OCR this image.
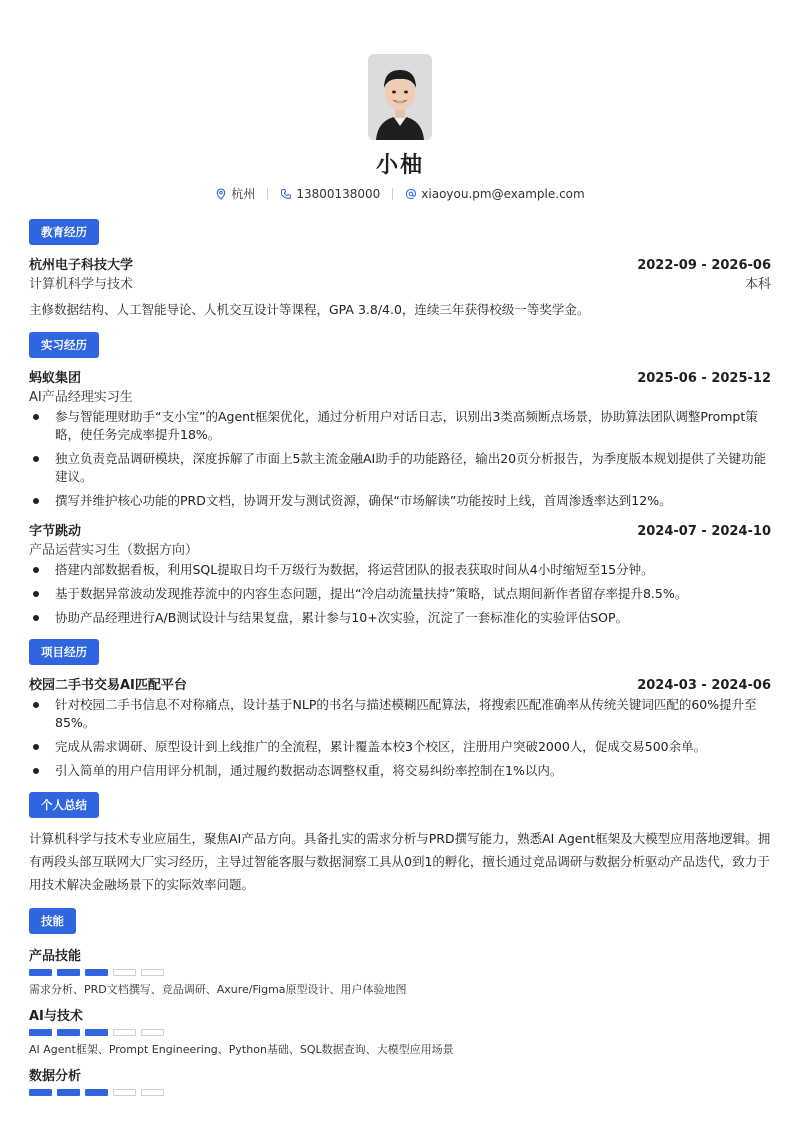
小柚
杭州	13800138000	xiaoyou.pm@example.com
教育经历
杭州电子科技大学	2022-09 - 2026-06
计算机科学与技术	本科
主修数据结构、人工智能导论、人机交互设计等课程，GPA 3.8/4.0，连续三年获得校级一等奖学金。
实习经历
蚂蚁集团	2025-06 - 2025-12
AI产品经理实习生
参与智能理财助手“支小宝”的Agent框架优化，通过分析用户对话日志，识别出3类高频断点场景，协助算法团队调整Prompt策略，使任务完成率提升18%。
独立负责竞品调研模块，深度拆解了市面上5款主流金融AI助手的功能路径，输出20页分析报告，为季度版本规划提供了关键功能建议。
撰写并维护核心功能的PRD文档，协调开发与测试资源，确保“市场解读”功能按时上线，首周渗透率达到12%。
字节跳动	2024-07 - 2024-10
产品运营实习生（数据方向）
搭建内部数据看板，利用SQL提取日均千万级行为数据，将运营团队的报表获取时间从4小时缩短至15分钟。
基于数据异常波动发现推荐流中的内容生态问题，提出“冷启动流量扶持”策略，试点期间新作者留存率提升8.5%。
协助产品经理进行A/B测试设计与结果复盘，累计参与10+次实验，沉淀了一套标准化的实验评估SOP。
项目经历
校园二手书交易AI匹配平台	2024-03 - 2024-06
针对校园二手书信息不对称痛点，设计基于NLP的书名与描述模糊匹配算法，将搜索匹配准确率从传统关键词匹配的60%提升至85%。
完成从需求调研、原型设计到上线推广的全流程，累计覆盖本校3个校区，注册用户突破2000人，促成交易500余单。
引入简单的用户信用评分机制，通过履约数据动态调整权重，将交易纠纷率控制在1%以内。
个人总结
计算机科学与技术专业应届生，聚焦AI产品方向。具备扎实的需求分析与PRD撰写能力，熟悉AI Agent框架及大模型应用落地逻辑。拥有两段头部互联网大厂实习经历，主导过智能客服与数据洞察工具从0到1的孵化，擅长通过竞品调研与数据分析驱动产品迭代，致力于用技术解决金融场景下的实际效率问题。
技能
产品技能
需求分析、PRD文档撰写、竞品调研、Axure/Figma原型设计、用户体验地图
AI与技术
AI Agent框架、Prompt Engineering、Python基础、SQL数据查询、大模型应用场景
数据分析
